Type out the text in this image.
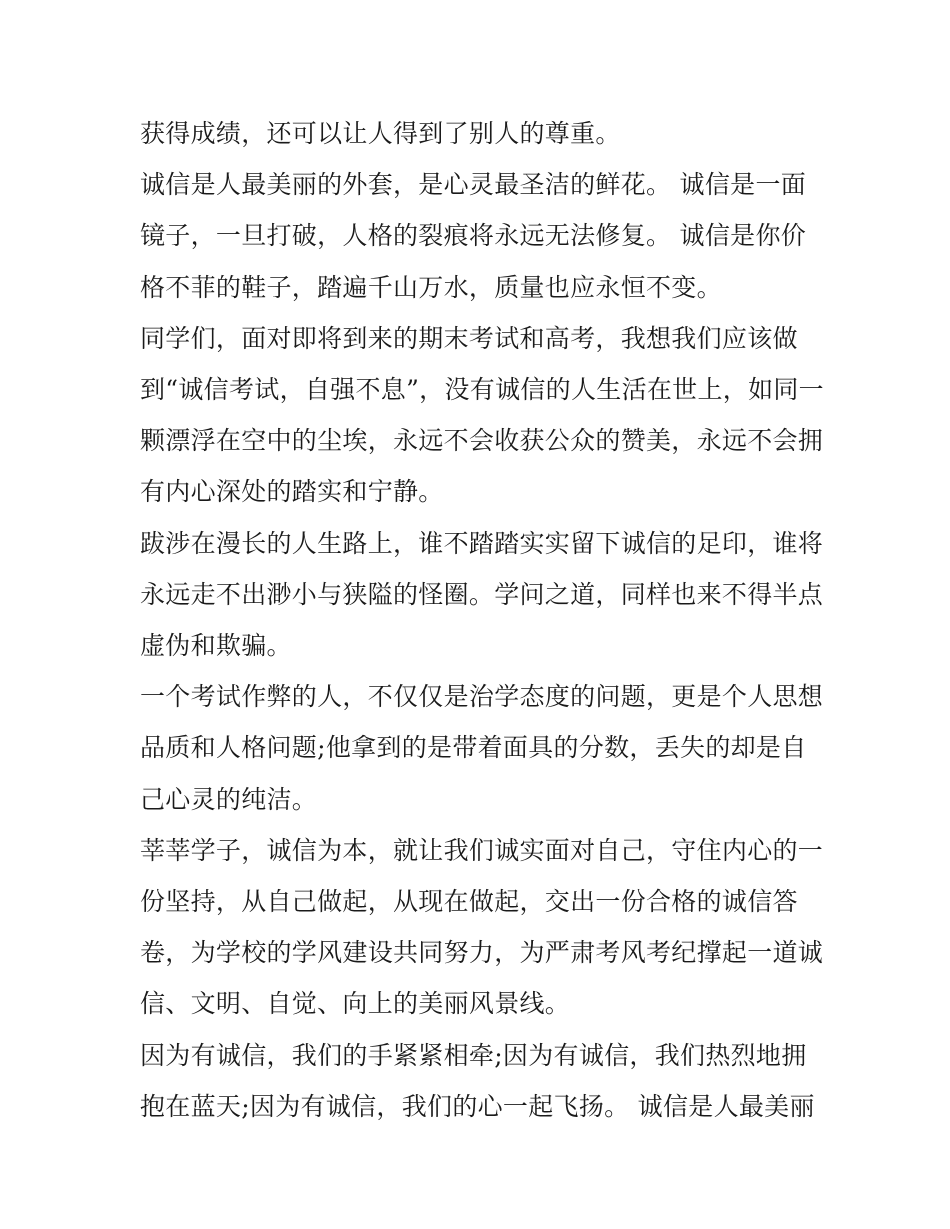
获得成绩，还可以让人得到了别人的尊重。

诚信是人最美丽的外套，是心灵最圣洁的鲜花。 诚信是一面
镜子，一旦打破，人格的裂痕将永远无法修复。 诚信是你价
格不菲的鞋子，踏遍千山万水，质量也应永恒不变。

同学们，面对即将到来的期末考试和高考，我想我们应该做
到“诚信考试，自强不息”，没有诚信的人生活在世上，如同一
颗漂浮在空中的尘埃，永远不会收获公众的赞美，永远不会拥
有内心深处的踏实和宁静。

跋涉在漫长的人生路上，谁不踏踏实实留下诚信的足印，谁将
永远走不出渺小与狭隘的怪圈。学问之道，同样也来不得半点
虚伪和欺骗。

一个考试作弊的人，不仅仅是治学态度的问题，更是个人思想
品质和人格问题;他拿到的是带着面具的分数，丢失的却是自
己心灵的纯洁。

莘莘学子，诚信为本，就让我们诚实面对自己，守住内心的一
份坚持，从自己做起，从现在做起，交出一份合格的诚信答
卷，为学校的学风建设共同努力，为严肃考风考纪撑起一道诚
信、文明、自觉、向上的美丽风景线。

因为有诚信，我们的手紧紧相牵;因为有诚信，我们热烈地拥
抱在蓝天;因为有诚信，我们的心一起飞扬。 诚信是人最美丽
